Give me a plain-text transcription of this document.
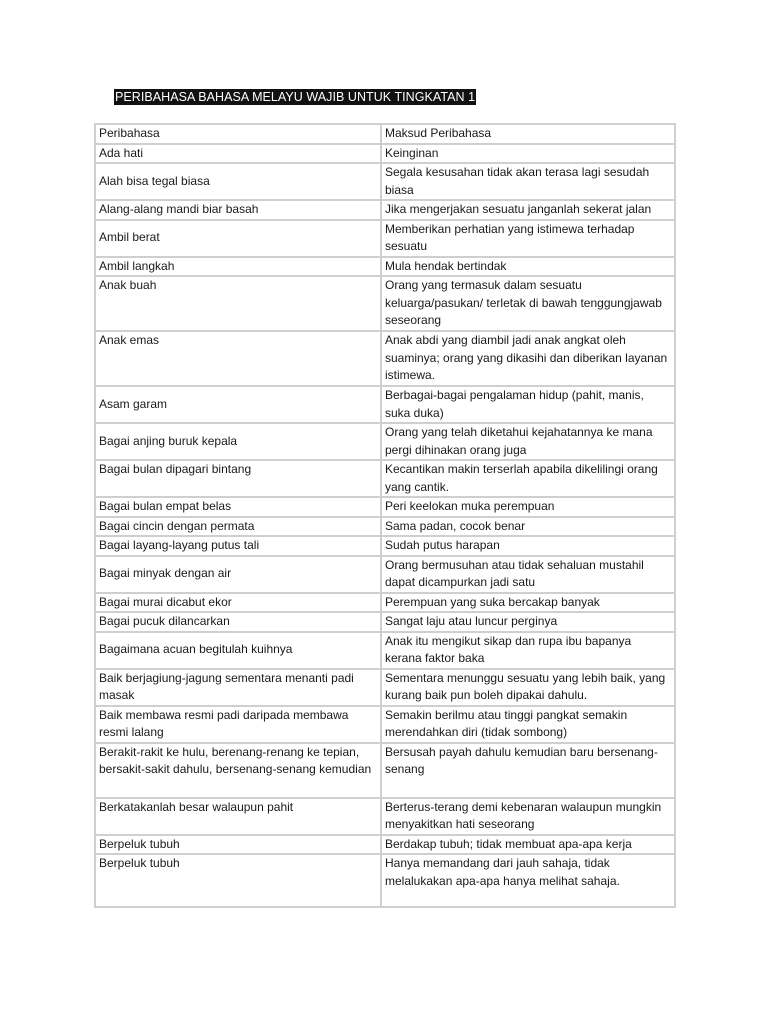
PERIBAHASA BAHASA MELAYU WAJIB UNTUK TINGKATAN 1
Peribahasa	Maksud Peribahasa
Ada hati	Keinginan
Alah bisa tegal biasa	Segala kesusahan tidak akan terasa lagi sesudah biasa
Alang-alang mandi biar basah	Jika mengerjakan sesuatu janganlah sekerat jalan
Ambil berat	Memberikan perhatian yang istimewa terhadap sesuatu
Ambil langkah	Mula hendak bertindak
Anak buah	Orang yang termasuk dalam sesuatu keluarga/pasukan/ terletak di bawah tenggungjawab seseorang
Anak emas	Anak abdi yang diambil jadi anak angkat oleh suaminya; orang yang dikasihi dan diberikan layanan istimewa.
Asam garam	Berbagai-bagai pengalaman hidup (pahit, manis, suka duka)
Bagai anjing buruk kepala	Orang yang telah diketahui kejahatannya ke mana pergi dihinakan orang juga
Bagai bulan dipagari bintang	Kecantikan makin terserlah apabila dikelilingi orang yang cantik.
Bagai bulan empat belas	Peri keelokan muka perempuan
Bagai cincin dengan permata	Sama padan, cocok benar
Bagai layang-layang putus tali	Sudah putus harapan
Bagai minyak dengan air	Orang bermusuhan atau tidak sehaluan mustahil dapat dicampurkan jadi satu
Bagai murai dicabut ekor	Perempuan yang suka bercakap banyak
Bagai pucuk dilancarkan	Sangat laju atau luncur perginya
Bagaimana acuan begitulah kuihnya	Anak itu mengikut sikap dan rupa ibu bapanya kerana faktor baka
Baik berjagiung-jagung sementara menanti padi masak	Sementara menunggu sesuatu yang lebih baik, yang kurang baik pun boleh dipakai dahulu.
Baik membawa resmi padi daripada membawa resmi lalang	Semakin berilmu atau tinggi pangkat semakin merendahkan diri (tidak sombong)
Berakit-rakit ke hulu, berenang-renang ke tepian, bersakit-sakit dahulu, bersenang-senang kemudian	Bersusah payah dahulu kemudian baru bersenang-senang
Berkatakanlah besar walaupun pahit	Berterus-terang demi kebenaran walaupun mungkin menyakitkan hati seseorang
Berpeluk tubuh	Berdakap tubuh; tidak membuat apa-apa kerja
Berpeluk tubuh	Hanya memandang dari jauh sahaja, tidak melalukakan apa-apa hanya melihat sahaja.
